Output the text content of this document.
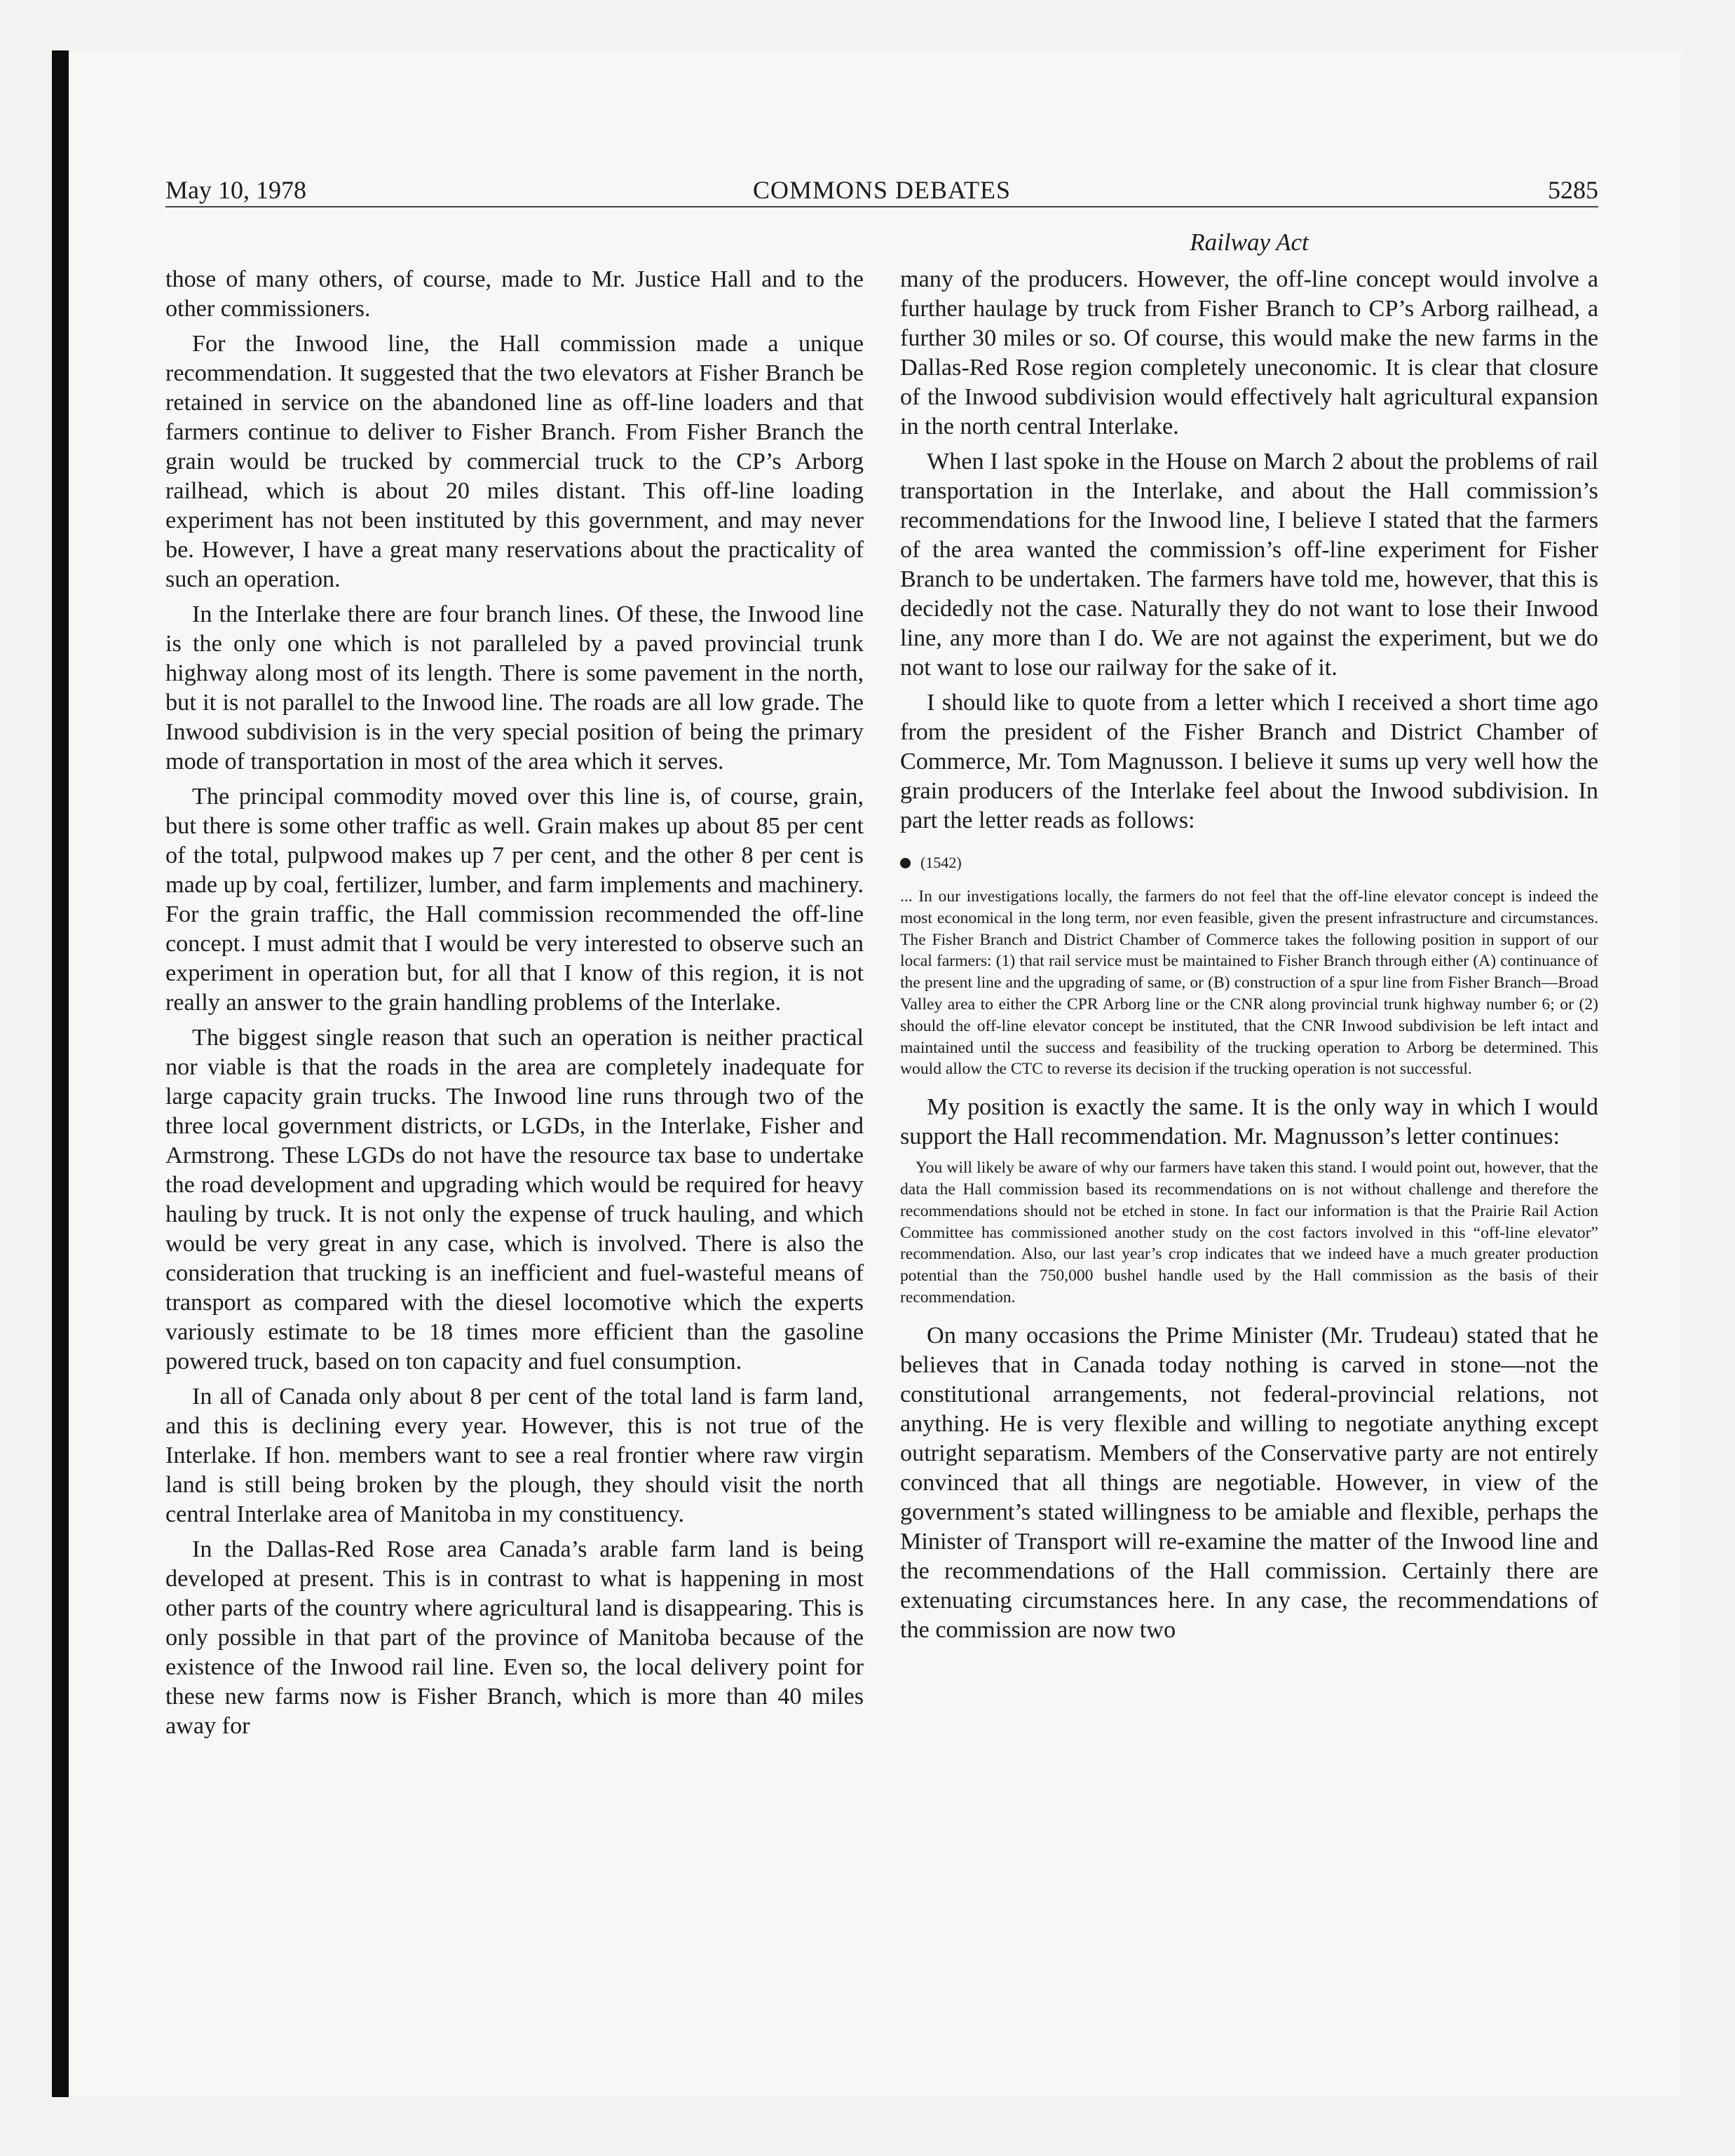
May 10, 1978	COMMONS DEBATES	5285
Railway Act

those of many others, of course, made to Mr. Justice Hall and to the other commissioners.

For the Inwood line, the Hall commission made a unique recommendation. It suggested that the two elevators at Fisher Branch be retained in service on the abandoned line as off-line loaders and that farmers continue to deliver to Fisher Branch. From Fisher Branch the grain would be trucked by commercial truck to the CP’s Arborg railhead, which is about 20 miles distant. This off-line loading experiment has not been instituted by this government, and may never be. However, I have a great many reservations about the practicality of such an operation.

In the Interlake there are four branch lines. Of these, the Inwood line is the only one which is not paralleled by a paved provincial trunk highway along most of its length. There is some pavement in the north, but it is not parallel to the Inwood line. The roads are all low grade. The Inwood subdivision is in the very special position of being the primary mode of transportation in most of the area which it serves.

The principal commodity moved over this line is, of course, grain, but there is some other traffic as well. Grain makes up about 85 per cent of the total, pulpwood makes up 7 per cent, and the other 8 per cent is made up by coal, fertilizer, lumber, and farm implements and machinery. For the grain traffic, the Hall commission recommended the off-line concept. I must admit that I would be very interested to observe such an experiment in operation but, for all that I know of this region, it is not really an answer to the grain handling problems of the Interlake.

The biggest single reason that such an operation is neither practical nor viable is that the roads in the area are completely inadequate for large capacity grain trucks. The Inwood line runs through two of the three local government districts, or LGDs, in the Interlake, Fisher and Armstrong. These LGDs do not have the resource tax base to undertake the road development and upgrading which would be required for heavy hauling by truck. It is not only the expense of truck hauling, and which would be very great in any case, which is involved. There is also the consideration that trucking is an inefficient and fuel-wasteful means of transport as compared with the diesel locomotive which the experts variously estimate to be 18 times more efficient than the gasoline powered truck, based on ton capacity and fuel consumption.

In all of Canada only about 8 per cent of the total land is farm land, and this is declining every year. However, this is not true of the Interlake. If hon. members want to see a real frontier where raw virgin land is still being broken by the plough, they should visit the north central Interlake area of Manitoba in my constituency.

In the Dallas-Red Rose area Canada’s arable farm land is being developed at present. This is in contrast to what is happening in most other parts of the country where agricultural land is disappearing. This is only possible in that part of the province of Manitoba because of the existence of the Inwood rail line. Even so, the local delivery point for these new farms now is Fisher Branch, which is more than 40 miles away for

many of the producers. However, the off-line concept would involve a further haulage by truck from Fisher Branch to CP’s Arborg railhead, a further 30 miles or so. Of course, this would make the new farms in the Dallas-Red Rose region completely uneconomic. It is clear that closure of the Inwood subdivision would effectively halt agricultural expansion in the north central Interlake.

When I last spoke in the House on March 2 about the problems of rail transportation in the Interlake, and about the Hall commission’s recommendations for the Inwood line, I believe I stated that the farmers of the area wanted the commission’s off-line experiment for Fisher Branch to be undertaken. The farmers have told me, however, that this is decidedly not the case. Naturally they do not want to lose their Inwood line, any more than I do. We are not against the experiment, but we do not want to lose our railway for the sake of it.

I should like to quote from a letter which I received a short time ago from the president of the Fisher Branch and District Chamber of Commerce, Mr. Tom Magnusson. I believe it sums up very well how the grain producers of the Interlake feel about the Inwood subdivision. In part the letter reads as follows:

(1542)
... In our investigations locally, the farmers do not feel that the off-line elevator concept is indeed the most economical in the long term, nor even feasible, given the present infrastructure and circumstances. The Fisher Branch and District Chamber of Commerce takes the following position in support of our local farmers: (1) that rail service must be maintained to Fisher Branch through either (A) continuance of the present line and the upgrading of same, or (B) construction of a spur line from Fisher Branch—Broad Valley area to either the CPR Arborg line or the CNR along provincial trunk highway number 6; or (2) should the off-line elevator concept be instituted, that the CNR Inwood subdivision be left intact and maintained until the success and feasibility of the trucking operation to Arborg be determined. This would allow the CTC to reverse its decision if the trucking operation is not successful.

My position is exactly the same. It is the only way in which I would support the Hall recommendation. Mr. Magnusson’s letter continues:

You will likely be aware of why our farmers have taken this stand. I would point out, however, that the data the Hall commission based its recommendations on is not without challenge and therefore the recommendations should not be etched in stone. In fact our information is that the Prairie Rail Action Committee has commissioned another study on the cost factors involved in this “off-line elevator” recommendation. Also, our last year’s crop indicates that we indeed have a much greater production potential than the 750,000 bushel handle used by the Hall commission as the basis of their recommendation.

On many occasions the Prime Minister (Mr. Trudeau) stated that he believes that in Canada today nothing is carved in stone—not the constitutional arrangements, not federal-provincial relations, not anything. He is very flexible and willing to negotiate anything except outright separatism. Members of the Conservative party are not entirely convinced that all things are negotiable. However, in view of the government’s stated willingness to be amiable and flexible, perhaps the Minister of Transport will re-examine the matter of the Inwood line and the recommendations of the Hall commission. Certainly there are extenuating circumstances here. In any case, the recommendations of the commission are now two
